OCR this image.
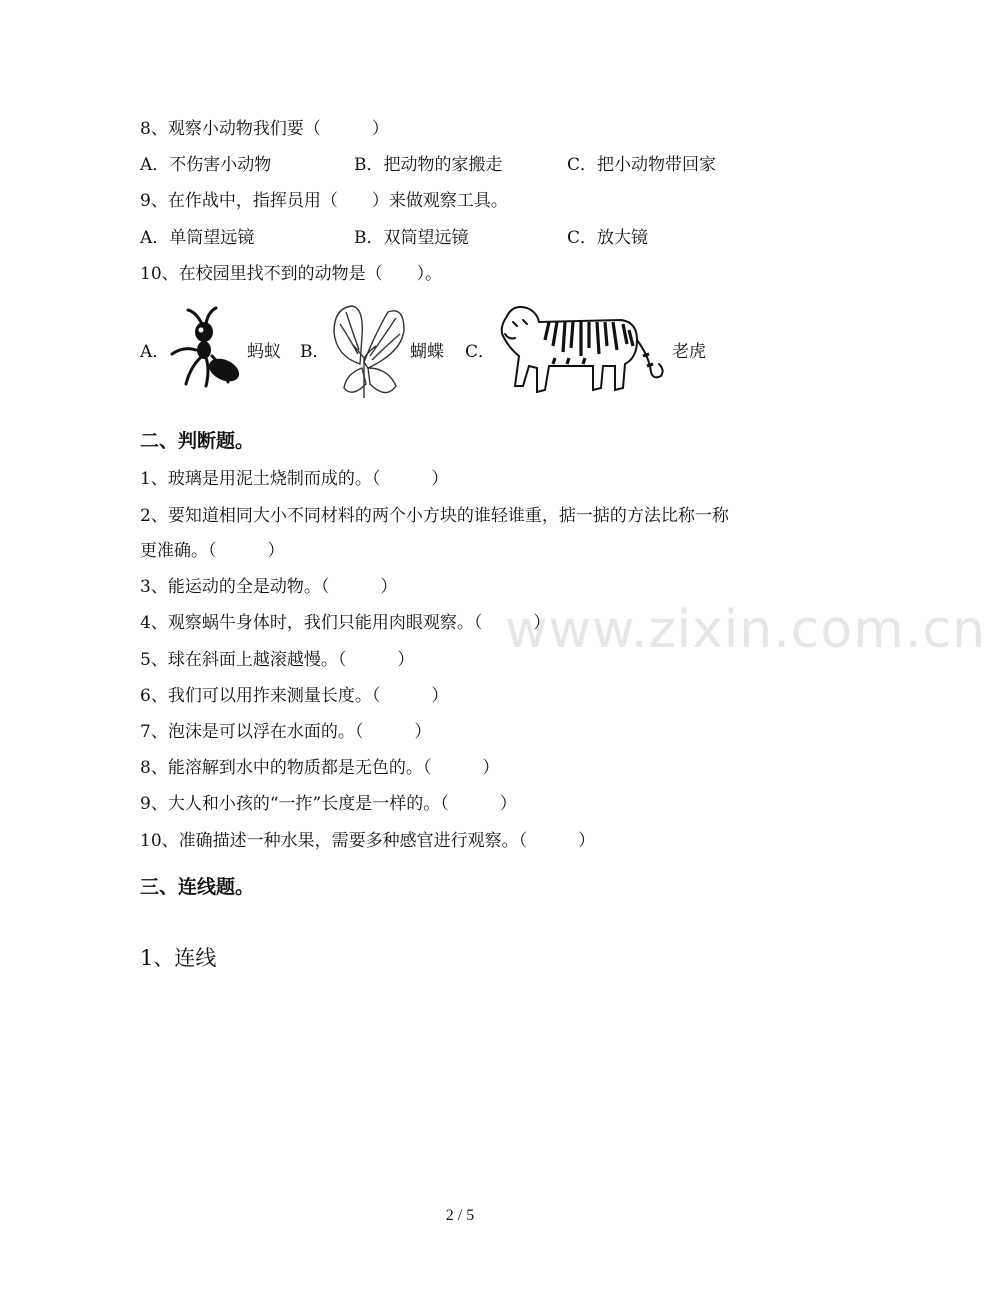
www.zixin.com.cn
8、观察小动物我们要（　　　）
A．不伤害小动物	B．把动物的家搬走	C．把小动物带回家
9、在作战中，指挥员用（　　）来做观察工具。
A．单筒望远镜	B．双筒望远镜	C．放大镜
10、在校园里找不到的动物是（　　）。
A．	蚂蚁 B．	蝴蝶 C．	老虎
二、判断题。
1、玻璃是用泥土烧制而成的。（　　　）
2、要知道相同大小不同材料的两个小方块的谁轻谁重，掂一掂的方法比称一称
更准确。（　　　）
3、能运动的全是动物。（　　　）
4、观察蜗牛身体时，我们只能用肉眼观察。（　　　）
5、球在斜面上越滚越慢。（　　　）
6、我们可以用拃来测量长度。（　　　）
7、泡沫是可以浮在水面的。（　　　）
8、能溶解到水中的物质都是无色的。（　　　）
9、大人和小孩的“一拃”长度是一样的。（　　　）
10、准确描述一种水果，需要多种感官进行观察。（　　　）
三、连线题。
1、连线
2 / 5
